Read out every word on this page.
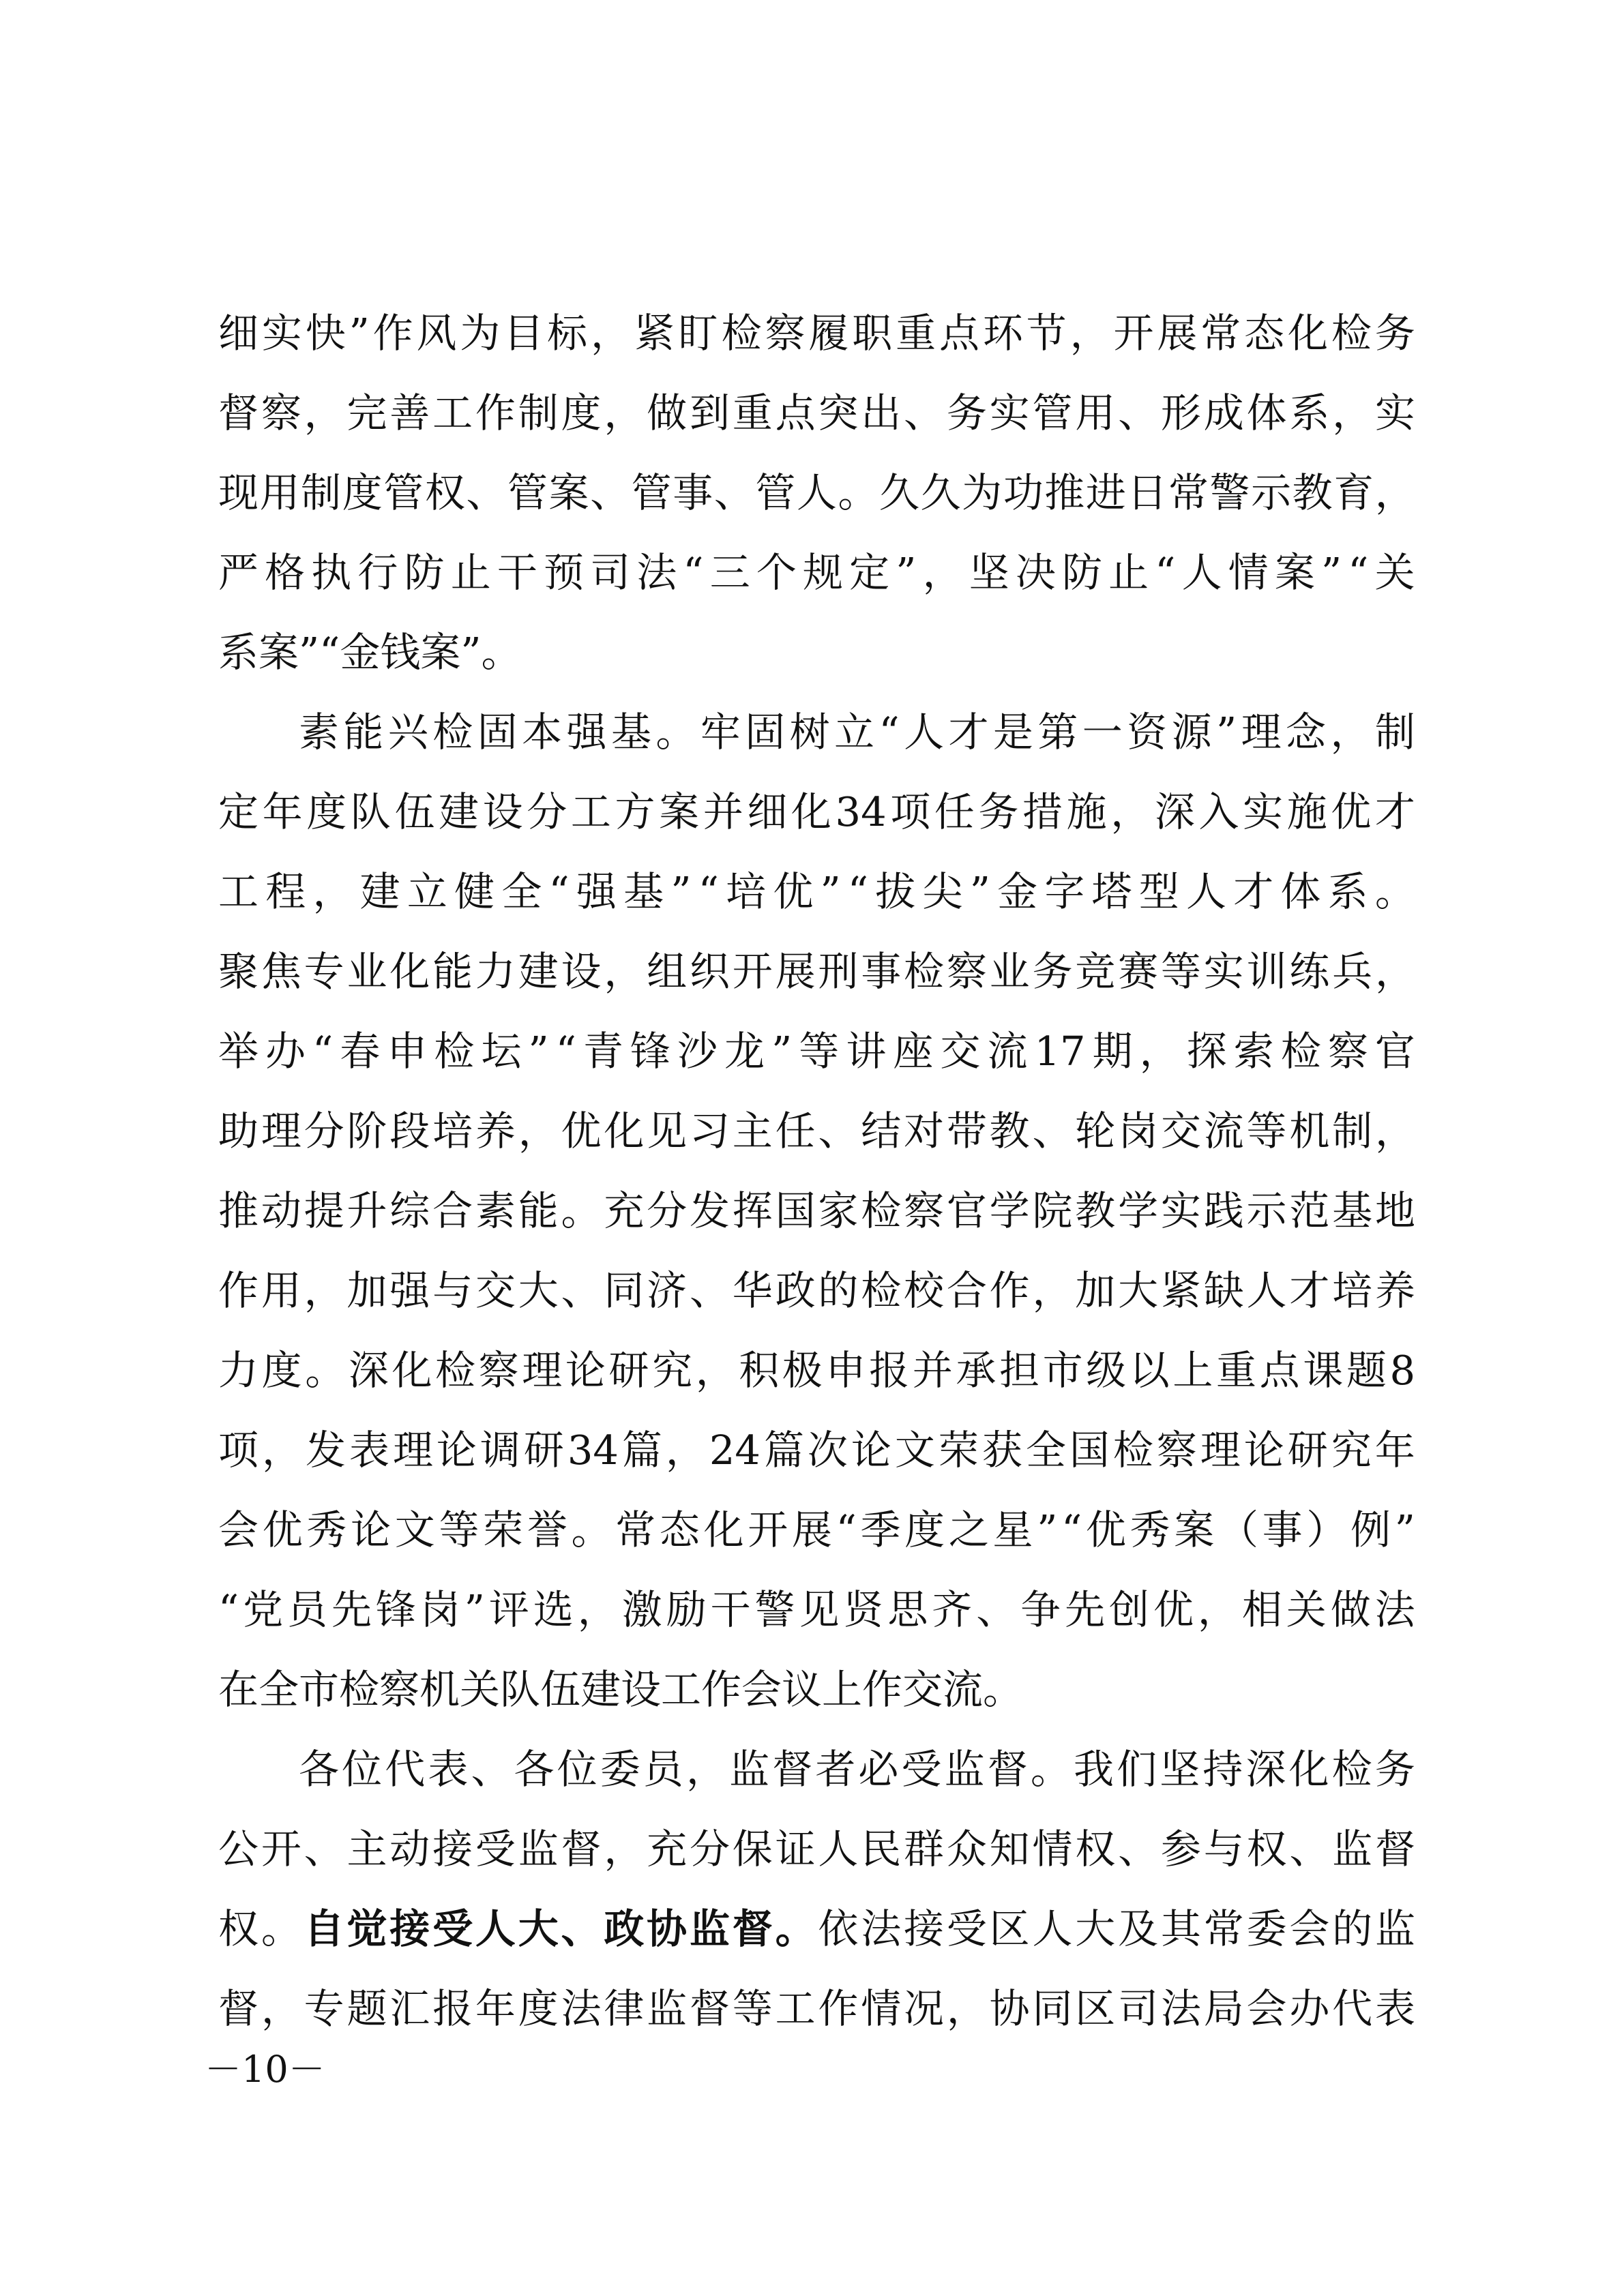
细 实 快 ” 作 风 为 目 标 ， 紧 盯 检 察 履 职 重 点 环 节 ， 开 展 常 态 化 检 务
督 察 ， 完 善 工 作 制 度 ， 做 到 重 点 突 出 、 务 实 管 用 、 形 成 体 系 ， 实
现 用 制 度 管 权 、 管 案 、 管 事 、 管 人 。 久 久 为 功 推 进 日 常 警 示 教 育 ，
严 格 执 行 防 止 干 预 司 法 “ 三 个 规 定 ” ， 坚 决 防 止 “ 人 情 案 ” “ 关
系案”“金钱案”。
素 能 兴 检 固 本 强 基 。 牢 固 树 立 “ 人 才 是 第 一 资 源 ” 理 念 ， 制
定 年 度 队 伍 建 设 分 工 方 案 并 细 化 34 项 任 务 措 施 ， 深 入 实 施 优 才
工 程 ， 建 立 健 全 “ 强 基 ” “ 培 优 ” “ 拔 尖 ” 金 字 塔 型 人 才 体 系 。
聚 焦 专 业 化 能 力 建 设 ， 组 织 开 展 刑 事 检 察 业 务 竞 赛 等 实 训 练 兵 ，
举 办 “ 春 申 检 坛 ” “ 青 锋 沙 龙 ” 等 讲 座 交 流 17 期 ， 探 索 检 察 官
助 理 分 阶 段 培 养 ， 优 化 见 习 主 任 、 结 对 带 教 、 轮 岗 交 流 等 机 制 ，
推 动 提 升 综 合 素 能 。 充 分 发 挥 国 家 检 察 官 学 院 教 学 实 践 示 范 基 地
作 用 ， 加 强 与 交 大 、 同 济 、 华 政 的 检 校 合 作 ， 加 大 紧 缺 人 才 培 养
力 度 。 深 化 检 察 理 论 研 究 ， 积 极 申 报 并 承 担 市 级 以 上 重 点 课 题 8
项 ， 发 表 理 论 调 研 34 篇 ， 24 篇 次 论 文 荣 获 全 国 检 察 理 论 研 究 年
会 优 秀 论 文 等 荣 誉 。 常 态 化 开 展 “ 季 度 之 星 ” “ 优 秀 案 （ 事 ） 例 ”
“ 党 员 先 锋 岗 ” 评 选 ， 激 励 干 警 见 贤 思 齐 、 争 先 创 优 ， 相 关 做 法
在全市检察机关队伍建设工作会议上作交流。
各 位 代 表 、 各 位 委 员 ， 监 督 者 必 受 监 督 。 我 们 坚 持 深 化 检 务
公 开 、 主 动 接 受 监 督 ， 充 分 保 证 人 民 群 众 知 情 权 、 参 与 权 、 监 督
权 。 自 觉 接 受 人 大 、 政 协 监 督 。 依 法 接 受 区 人 大 及 其 常 委 会 的 监
督 ， 专 题 汇 报 年 度 法 律 监 督 等 工 作 情 况 ， 协 同 区 司 法 局 会 办 代 表
－10－
